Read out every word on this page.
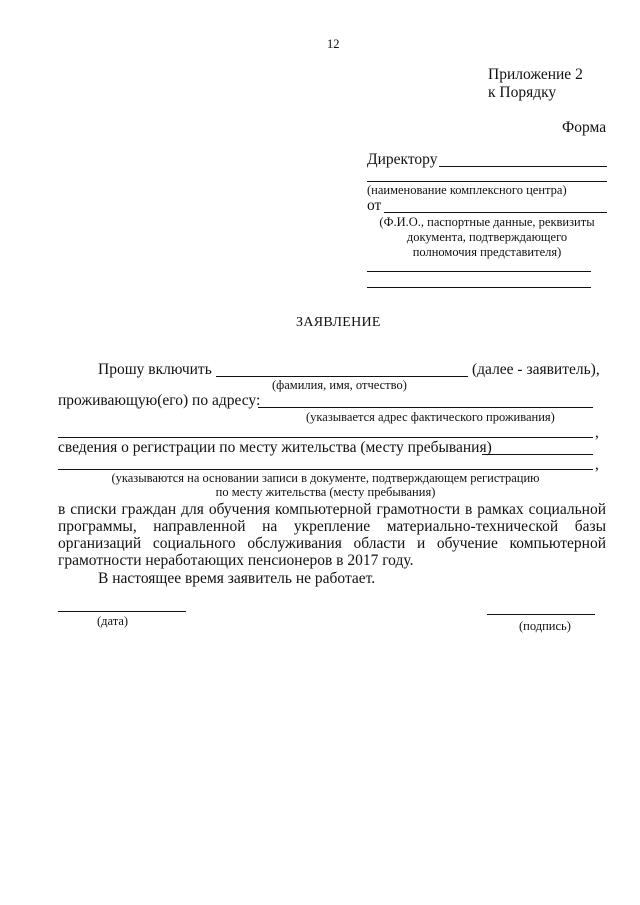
12
Приложение 2
к Порядку
Форма
Директору
(наименование комплексного центра)
от
(Ф.И.О., паспортные данные, реквизиты
документа, подтверждающего
полномочия представителя)
ЗАЯВЛЕНИЕ
Прошу включить	(далее - заявитель),
(фамилия, имя, отчество)
проживающую(его) по адресу:
(указывается адрес фактического проживания)
,
сведения о регистрации по месту жительства (месту пребывания)
,
(указываются на основании записи в документе, подтверждающем регистрацию
по месту жительства (месту пребывания)
в списки граждан для обучения компьютерной грамотности в рамках социальной программы, направленной на укрепление материально-технической базы организаций социального обслуживания области и обучение компьютерной грамотности неработающих пенсионеров в 2017 году.
В настоящее время заявитель не работает.
(дата)	(подпись)
